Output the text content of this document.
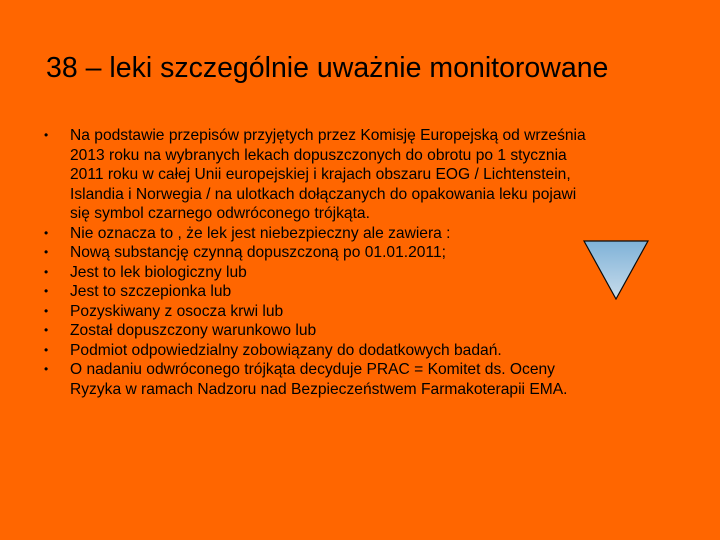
38 – leki szczególnie uważnie monitorowane
• Na podstawie przepisów przyjętych przez Komisję Europejską od września
2013 roku na wybranych lekach dopuszczonych do obrotu po 1 stycznia
2011 roku w całej Unii europejskiej i krajach obszaru EOG / Lichtenstein,
Islandia i Norwegia / na ulotkach dołączanych do opakowania leku pojawi
się symbol czarnego odwróconego trójkąta.
• Nie oznacza to , że lek jest niebezpieczny ale zawiera :
• Nową substancję czynną dopuszczoną po 01.01.2011;
• Jest to lek biologiczny lub
• Jest to szczepionka lub
• Pozyskiwany z osocza krwi lub
• Został dopuszczony warunkowo lub
• Podmiot odpowiedzialny zobowiązany do dodatkowych badań.
• O nadaniu odwróconego trójkąta decyduje PRAC = Komitet ds. Oceny
Ryzyka w ramach Nadzoru nad Bezpieczeństwem Farmakoterapii EMA.
